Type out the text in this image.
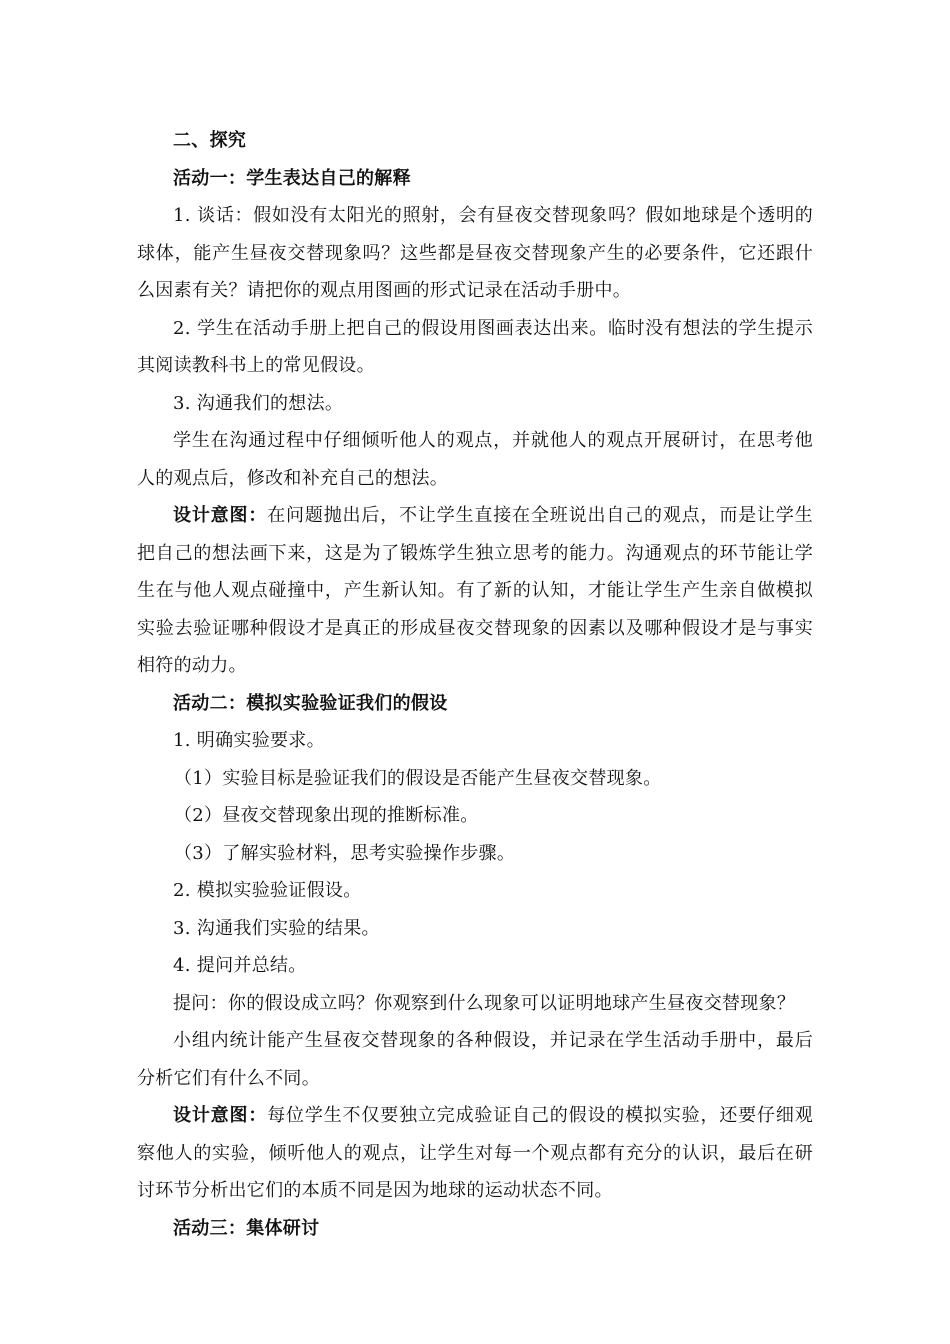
二、探究

活动一：学生表达自己的解释

1. 谈话：假如没有太阳光的照射，会有昼夜交替现象吗？假如地球是个透明的球体，能产生昼夜交替现象吗？这些都是昼夜交替现象产生的必要条件，它还跟什么因素有关？请把你的观点用图画的形式记录在活动手册中。

2. 学生在活动手册上把自己的假设用图画表达出来。临时没有想法的学生提示其阅读教科书上的常见假设。

3. 沟通我们的想法。

学生在沟通过程中仔细倾听他人的观点，并就他人的观点开展研讨，在思考他人的观点后，修改和补充自己的想法。

设计意图：在问题抛出后，不让学生直接在全班说出自己的观点，而是让学生把自己的想法画下来，这是为了锻炼学生独立思考的能力。沟通观点的环节能让学生在与他人观点碰撞中，产生新认知。有了新的认知，才能让学生产生亲自做模拟实验去验证哪种假设才是真正的形成昼夜交替现象的因素以及哪种假设才是与事实相符的动力。

活动二：模拟实验验证我们的假设

1. 明确实验要求。

（1）实验目标是验证我们的假设是否能产生昼夜交替现象。

（2）昼夜交替现象出现的推断标准。

（3）了解实验材料，思考实验操作步骤。

2. 模拟实验验证假设。

3. 沟通我们实验的结果。

4. 提问并总结。

提问：你的假设成立吗？你观察到什么现象可以证明地球产生昼夜交替现象？

小组内统计能产生昼夜交替现象的各种假设，并记录在学生活动手册中，最后分析它们有什么不同。

设计意图：每位学生不仅要独立完成验证自己的假设的模拟实验，还要仔细观察他人的实验，倾听他人的观点，让学生对每一个观点都有充分的认识，最后在研讨环节分析出它们的本质不同是因为地球的运动状态不同。

活动三：集体研讨
